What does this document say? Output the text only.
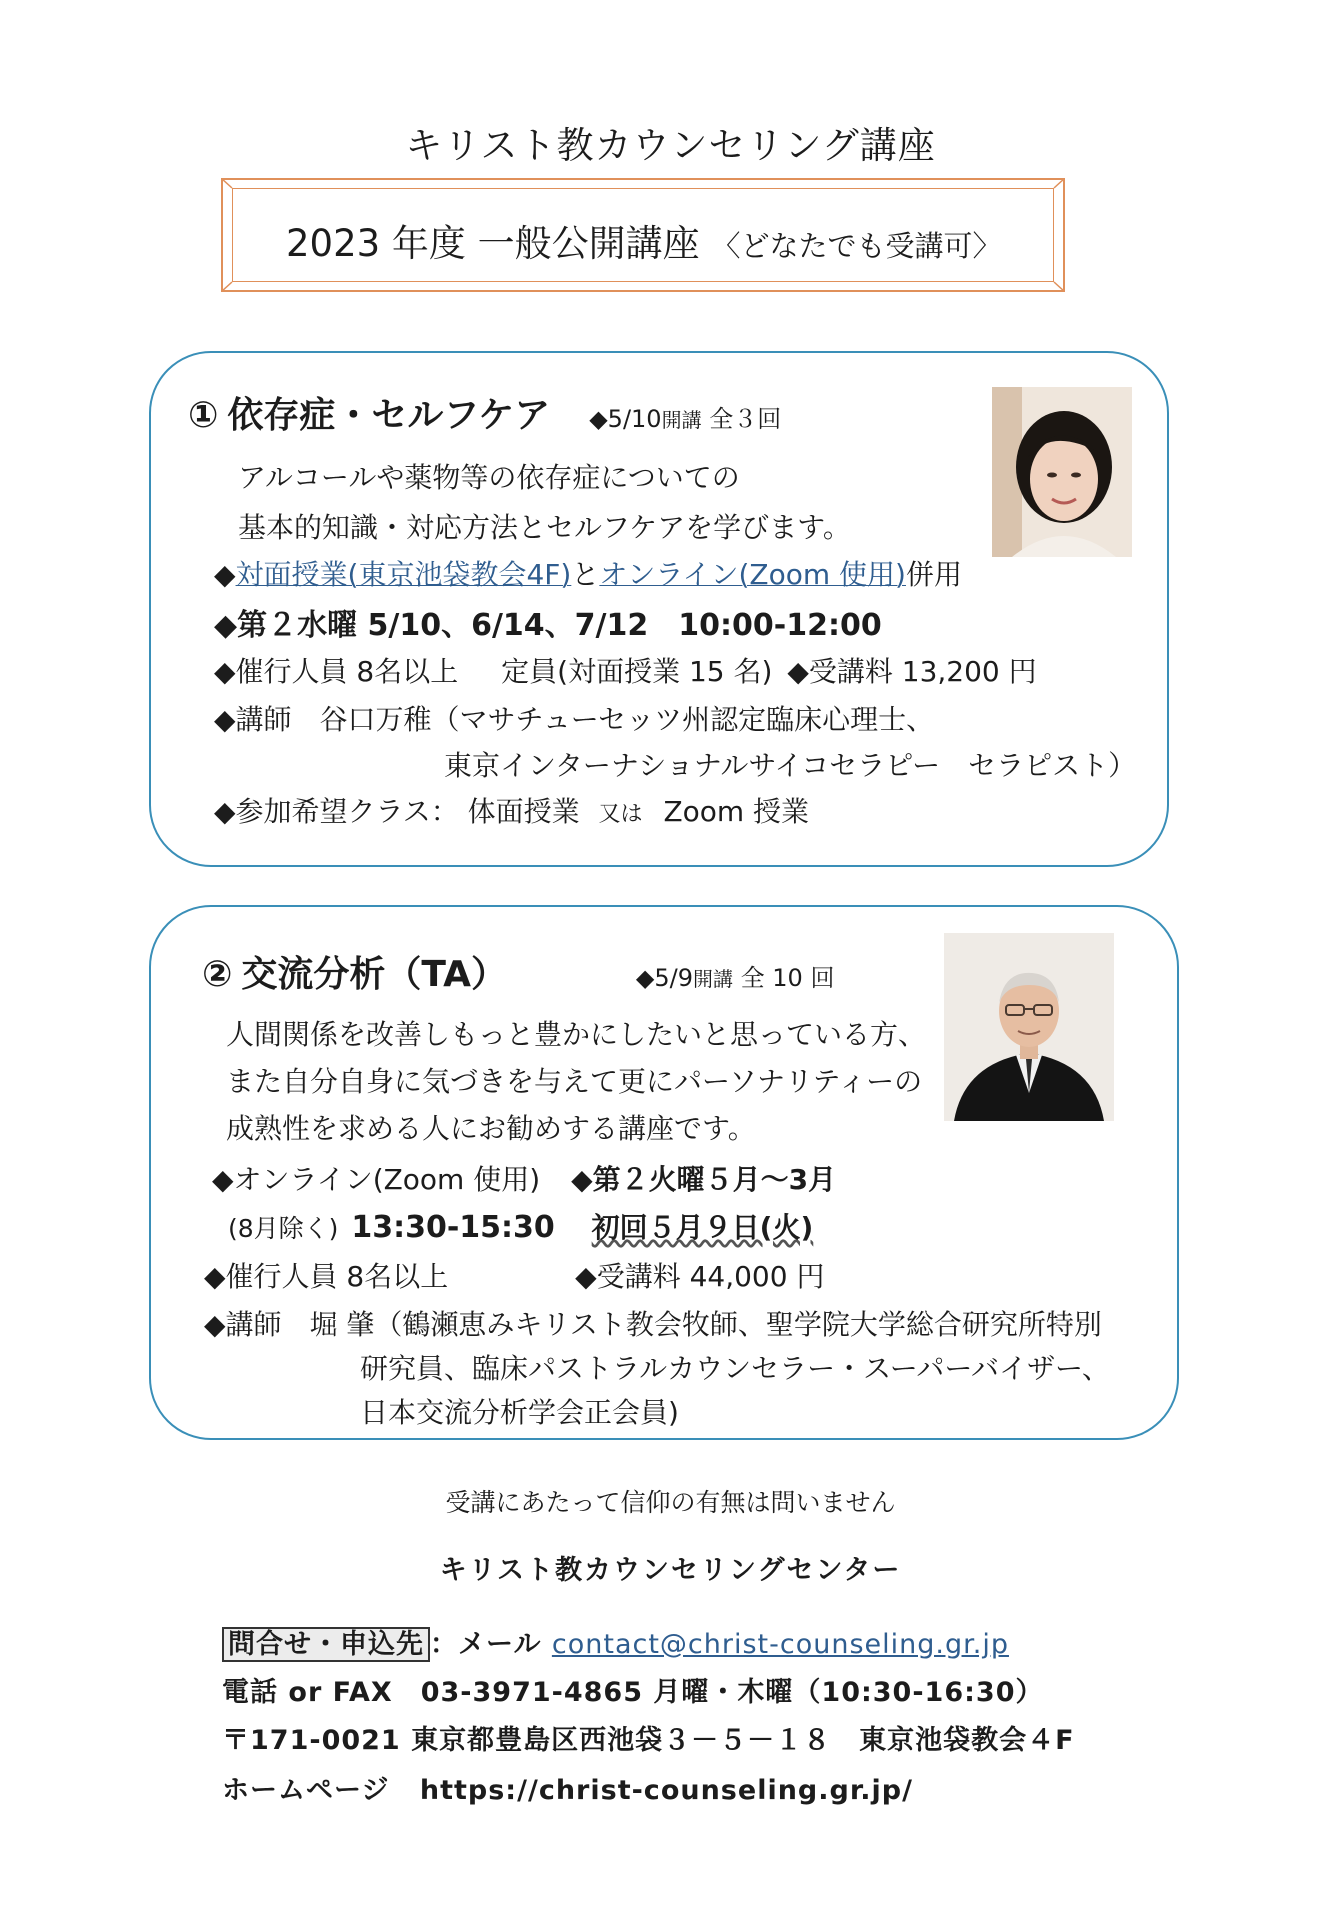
キリスト教カウンセリング講座
2023 年度 一般公開講座 〈どなたでも受講可〉
① 依存症・セルフケア ◆5/10開講 全３回
アルコールや薬物等の依存症についての
基本的知識・対応方法とセルフケアを学びます。
◆対面授業(東京池袋教会4F)とオンライン(Zoom 使用)併用
◆第２水曜 5/10、6/14、7/12　10:00-12:00
◆催行人員 8名以上 定員(対面授業 15 名) ◆受講料 13,200 円
◆講師　谷口万稚（マサチューセッツ州認定臨床心理士、
東京インターナショナルサイコセラピー　セラピスト）
◆参加希望クラス： 体面授業 又は Zoom 授業
② 交流分析（TA）	◆5/9開講 全 10 回
人間関係を改善しもっと豊かにしたいと思っている方、
また自分自身に気づきを与えて更にパーソナリティーの
成熟性を求める人にお勧めする講座です。
◆オンライン(Zoom 使用) ◆第２火曜５月～3月
(8月除く) 13:30-15:30 初回５月９日(火)
◆催行人員 8名以上	◆受講料 44,000 円
◆講師　堀 肇（鶴瀬恵みキリスト教会牧師、聖学院大学総合研究所特別
研究員、臨床パストラルカウンセラー・スーパーバイザー、
日本交流分析学会正会員)
受講にあたって信仰の有無は問いません
キリスト教カウンセリングセンター
問合せ・申込先 ：メール contact@christ-counseling.gr.jp
電話 or FAX　03-3971-4865 月曜・木曜（10:30-16:30）
〒171-0021 東京都豊島区西池袋３－５－１８　東京池袋教会４F
ホームページ https://christ-counseling.gr.jp/
